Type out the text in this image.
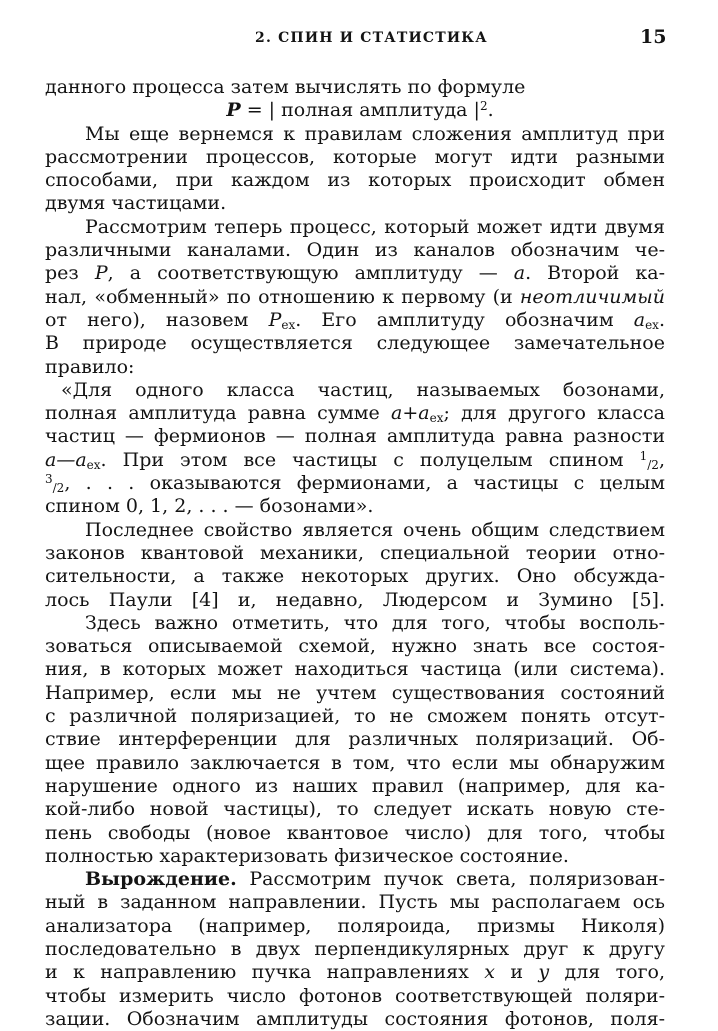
2. СПИН И СТАТИСТИКА	15
данного процесса затем вычислять по формуле
P = | полная амплитуда $|^2$.
Мы еще вернемся к правилам сложения амплитуд при
рассмотрении процессов, которые могут идти разными
способами, при каждом из которых происходит обмен
двумя частицами.
Рассмотрим теперь процесс, который может идти двумя
различными каналами. Один из каналов обозначим че-
рез P, а соответствующую амплитуду — a. Второй ка-
нал, «обменный» по отношению к первому (и неотличимый
от него), назовем $P_{ex}$. Его амплитуду обозначим $a_{ex}$.
В природе осуществляется следующее замечательное
правило:
«Для одного класса частиц, называемых бозонами,
полная амплитуда равна сумме $a+a_{ex}$; для другого класса
частиц — фермионов — полная амплитуда равна разности
$a—a_{ex}$. При этом все частицы с полуцелым спином $^1_{/2}$,
$^3_{/2}$, . . . оказываются фермионами, а частицы с целым
спином 0, 1, 2, . . . — бозонами».
Последнее свойство является очень общим следствием
законов квантовой механики, специальной теории отно-
сительности, а также некоторых других. Оно обсужда-
лось Паули [4] и, недавно, Людерсом и Зумино [5].
Здесь важно отметить, что для того, чтобы восполь-
зоваться описываемой схемой, нужно знать все состоя-
ния, в которых может находиться частица (или система).
Например, если мы не учтем существования состояний
с различной поляризацией, то не сможем понять отсут-
ствие интерференции для различных поляризаций. Об-
щее правило заключается в том, что если мы обнаружим
нарушение одного из наших правил (например, для ка-
кой-либо новой частицы), то следует искать новую сте-
пень свободы (новое квантовое число) для того, чтобы
полностью характеризовать физическое состояние.
Вырождение. Рассмотрим пучок света, поляризован-
ный в заданном направлении. Пусть мы располагаем ось
анализатора (например, поляроида, призмы Николя)
последовательно в двух перпендикулярных друг к другу
и к направлению пучка направлениях x и y для того,
чтобы измерить число фотонов соответствующей поляри-
зации. Обозначим амплитуды состояния фотонов, поля-
